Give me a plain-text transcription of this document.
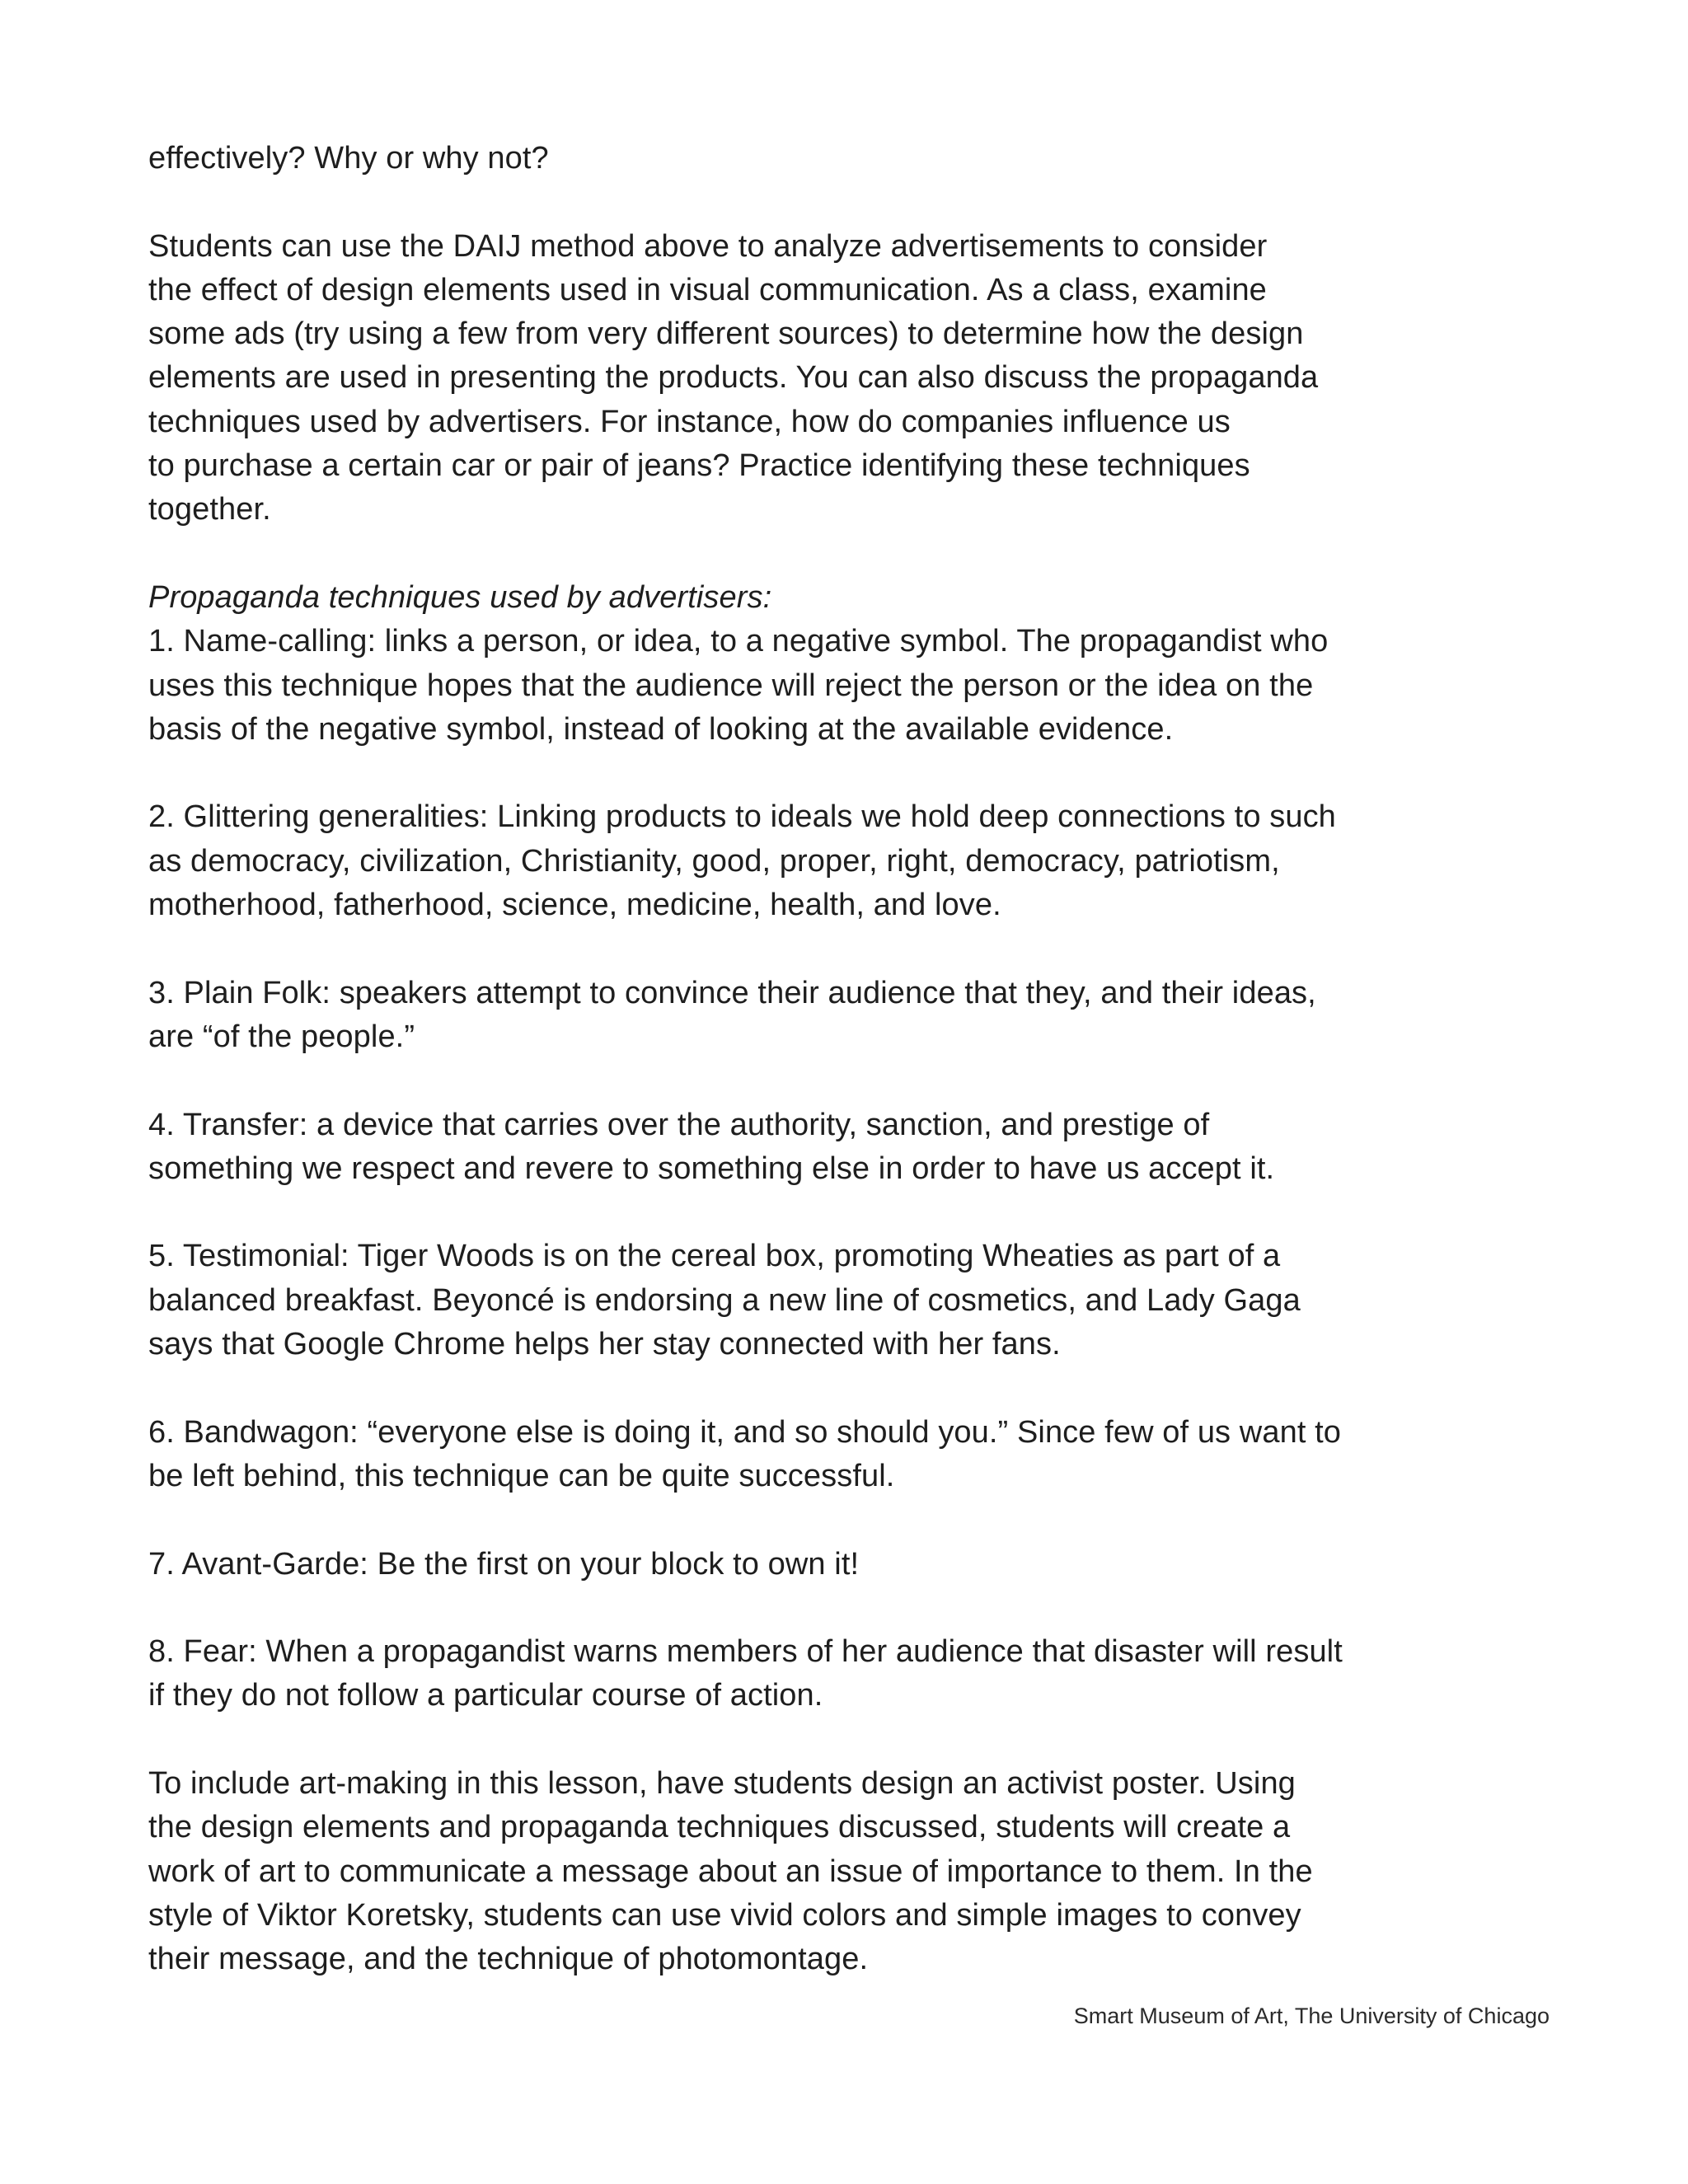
effectively? Why or why not?

Students can use the DAIJ method above to analyze advertisements to consider
the effect of design elements used in visual communication. As a class, examine
some ads (try using a few from very different sources) to determine how the design
elements are used in presenting the products. You can also discuss the propaganda
techniques used by advertisers. For instance, how do companies influence us
to purchase a certain car or pair of jeans? Practice identifying these techniques
together.

Propaganda techniques used by advertisers:

1. Name-calling: links a person, or idea, to a negative symbol. The propagandist who
uses this technique hopes that the audience will reject the person or the idea on the
basis of the negative symbol, instead of looking at the available evidence.

2. Glittering generalities: Linking products to ideals we hold deep connections to such
as democracy, civilization, Christianity, good, proper, right, democracy, patriotism,
motherhood, fatherhood, science, medicine, health, and love.

3. Plain Folk: speakers attempt to convince their audience that they, and their ideas,
are “of the people.”

4. Transfer: a device that carries over the authority, sanction, and prestige of
something we respect and revere to something else in order to have us accept it.

5. Testimonial: Tiger Woods is on the cereal box, promoting Wheaties as part of a
balanced breakfast. Beyoncé is endorsing a new line of cosmetics, and Lady Gaga
says that Google Chrome helps her stay connected with her fans.

6. Bandwagon: “everyone else is doing it, and so should you.” Since few of us want to
be left behind, this technique can be quite successful.

7. Avant-Garde: Be the first on your block to own it!

8. Fear: When a propagandist warns members of her audience that disaster will result
if they do not follow a particular course of action.

To include art-making in this lesson, have students design an activist poster. Using
the design elements and propaganda techniques discussed, students will create a
work of art to communicate a message about an issue of importance to them. In the
style of Viktor Koretsky, students can use vivid colors and simple images to convey
their message, and the technique of photomontage.

Smart Museum of Art, The University of Chicago
